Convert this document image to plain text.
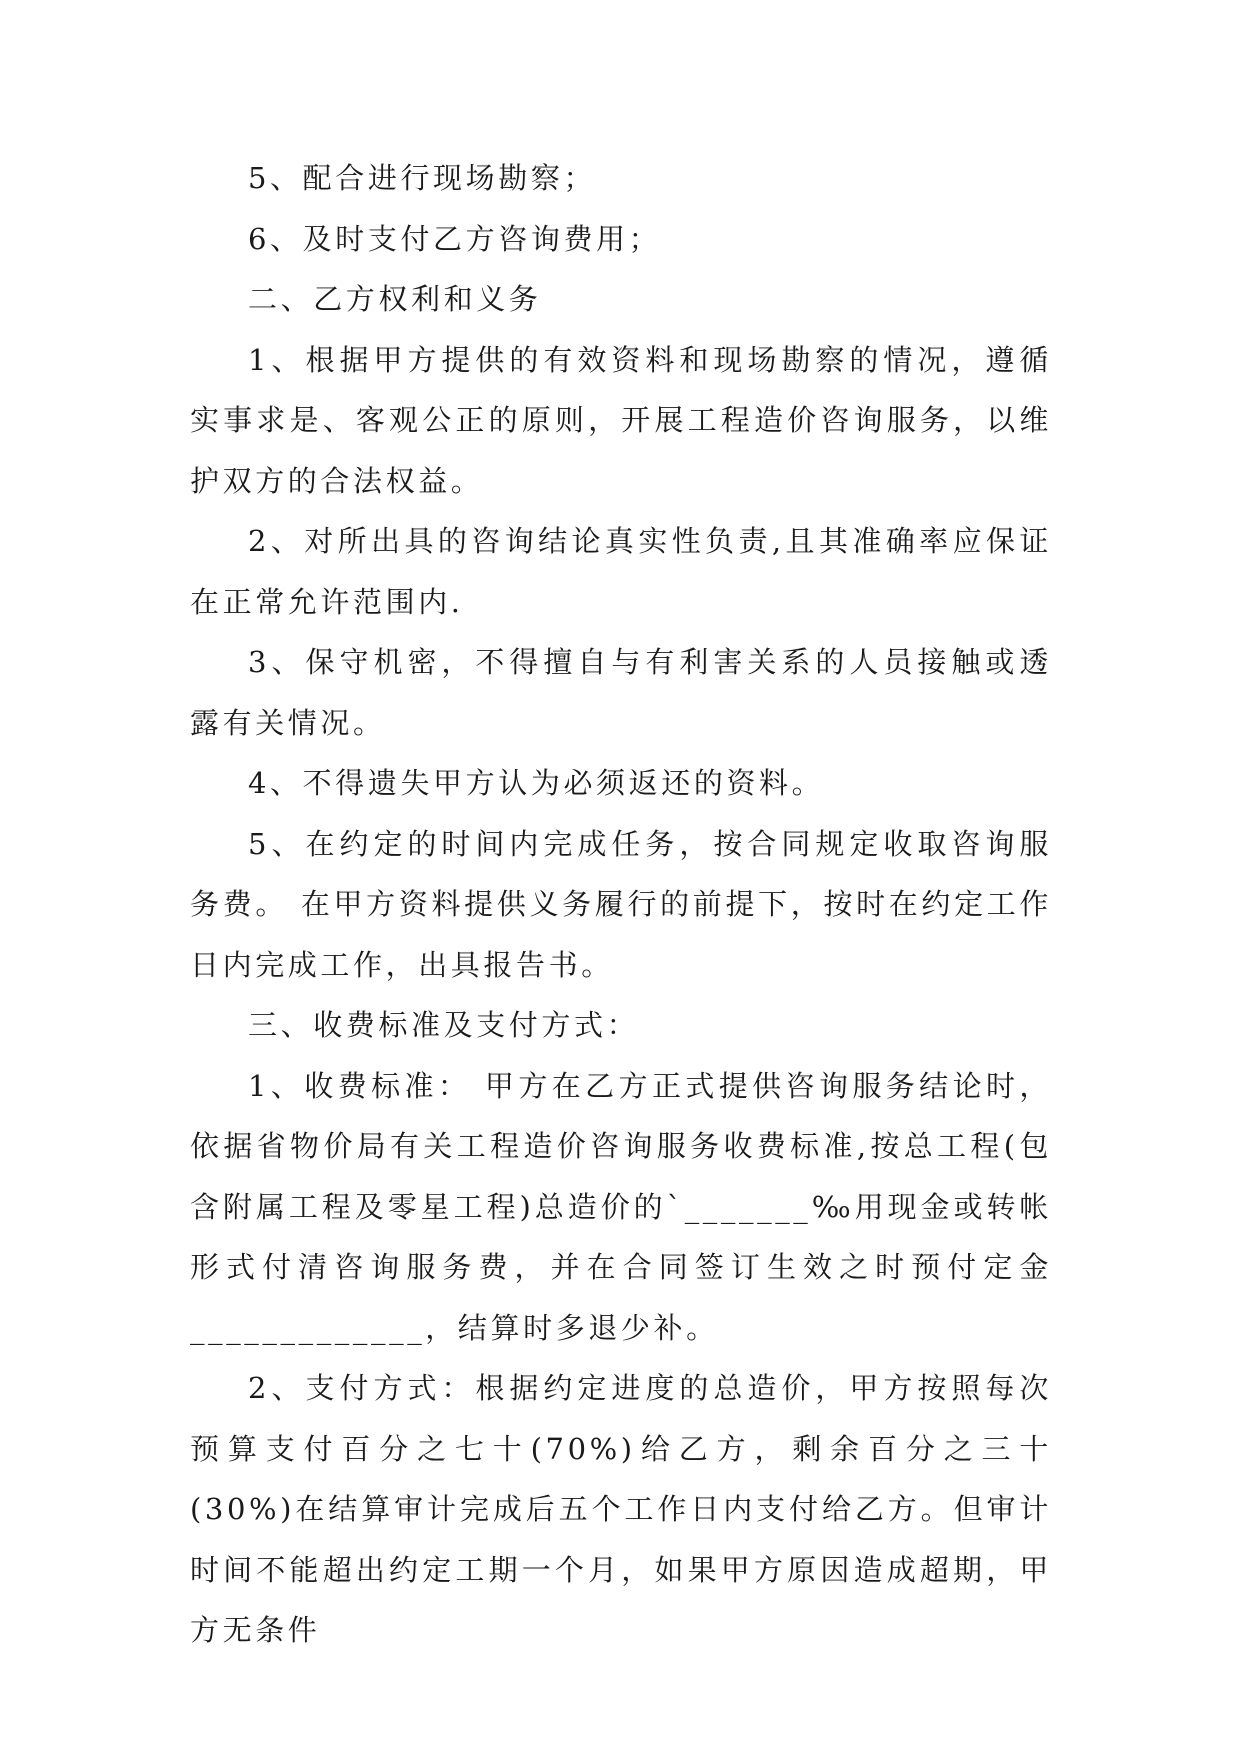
5、配合进行现场勘察；

6、及时支付乙方咨询费用；

二、乙方权利和义务

1、根据甲方提供的有效资料和现场勘察的情况，遵循实事求是、客观公正的原则，开展工程造价咨询服务，以维护双方的合法权益。

2、对所出具的咨询结论真实性负责,且其准确率应保证在正常允许范围内.

3、保守机密，不得擅自与有利害关系的人员接触或透露有关情况。

4、不得遗失甲方认为必须返还的资料。

5、在约定的时间内完成任务，按合同规定收取咨询服务费。 在甲方资料提供义务履行的前提下，按时在约定工作日内完成工作，出具报告书。

三、收费标准及支付方式：

1、收费标准： 甲方在乙方正式提供咨询服务结论时，依据省物价局有关工程造价咨询服务收费标准,按总工程(包含附属工程及零星工程)总造价的`_______‰用现金或转帐形式付清咨询服务费，并在合同签订生效之时预付定金_____________，结算时多退少补。

2、支付方式：根据约定进度的总造价，甲方按照每次预算支付百分之七十(70%)给乙方，剩余百分之三十(30%)在结算审计完成后五个工作日内支付给乙方。但审计时间不能超出约定工期一个月，如果甲方原因造成超期，甲方无条件
